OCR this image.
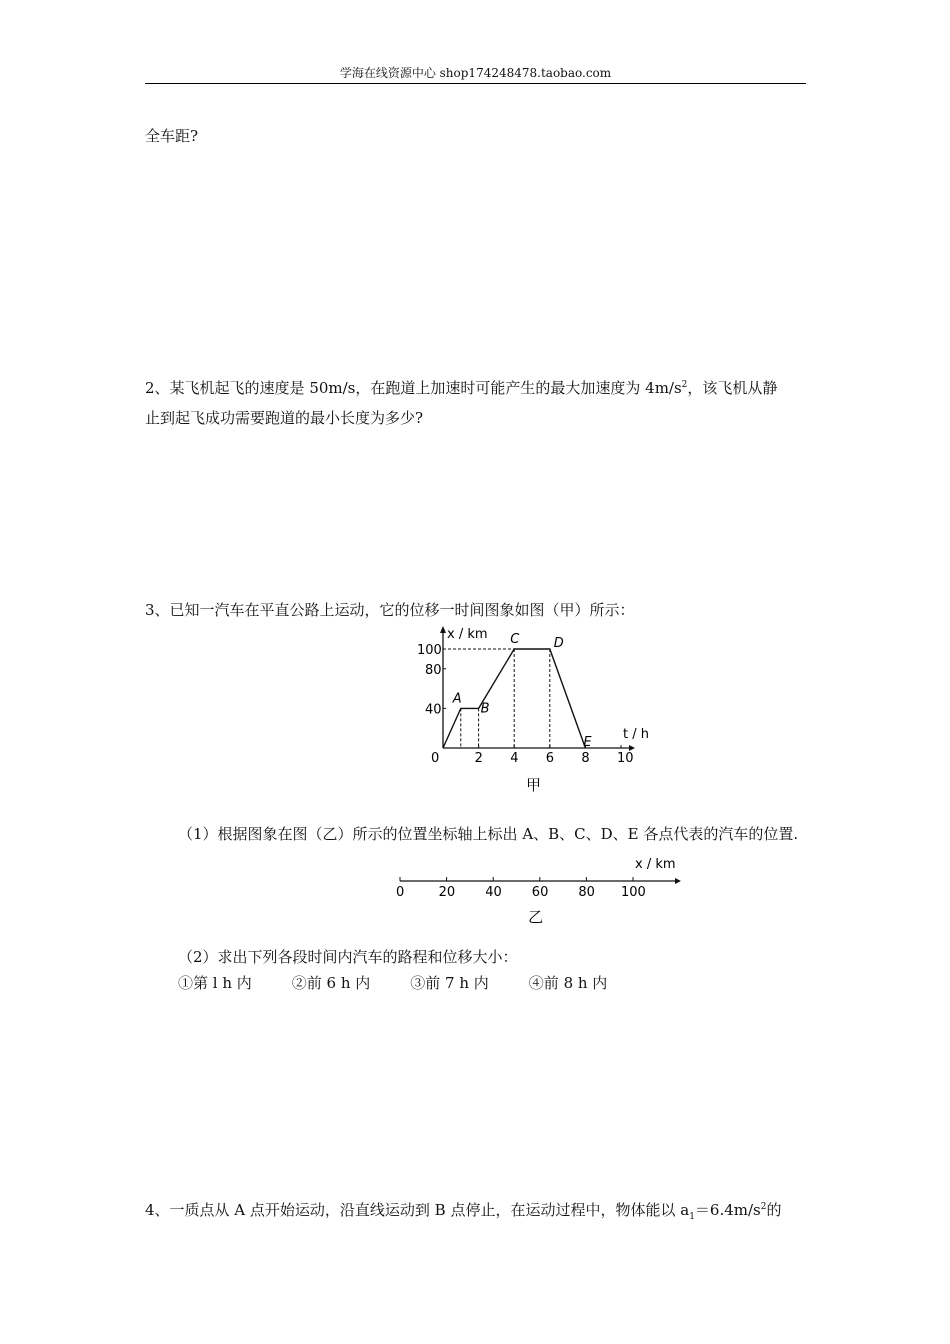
学海在线资源中心 shop174248478.taobao.com
全车距?
2、某飞机起飞的速度是 50m/s，在跑道上加速时可能产生的最大加速度为 $4m/s^2$，该飞机从静
止到起飞成功需要跑道的最小长度为多少?
3、已知一汽车在平直公路上运动，它的位移一时间图象如图（甲）所示：
x / km
t / h
0	2 4 6 8 10
40
80
100
A
B
C	D
E
甲
（1）根据图象在图（乙）所示的位置坐标轴上标出 A、B、C、D、E 各点代表的汽车的位置.
0	20 40 60 80 100
x / km
乙
（2）求出下列各段时间内汽车的路程和位移大小：
①第 l h 内	②前 6 h 内	③前 7 h 内	④前 8 h 内
4、一质点从 A 点开始运动，沿直线运动到 B 点停止，在运动过程中，物体能以 $a_1=6.4m/s^2$的
